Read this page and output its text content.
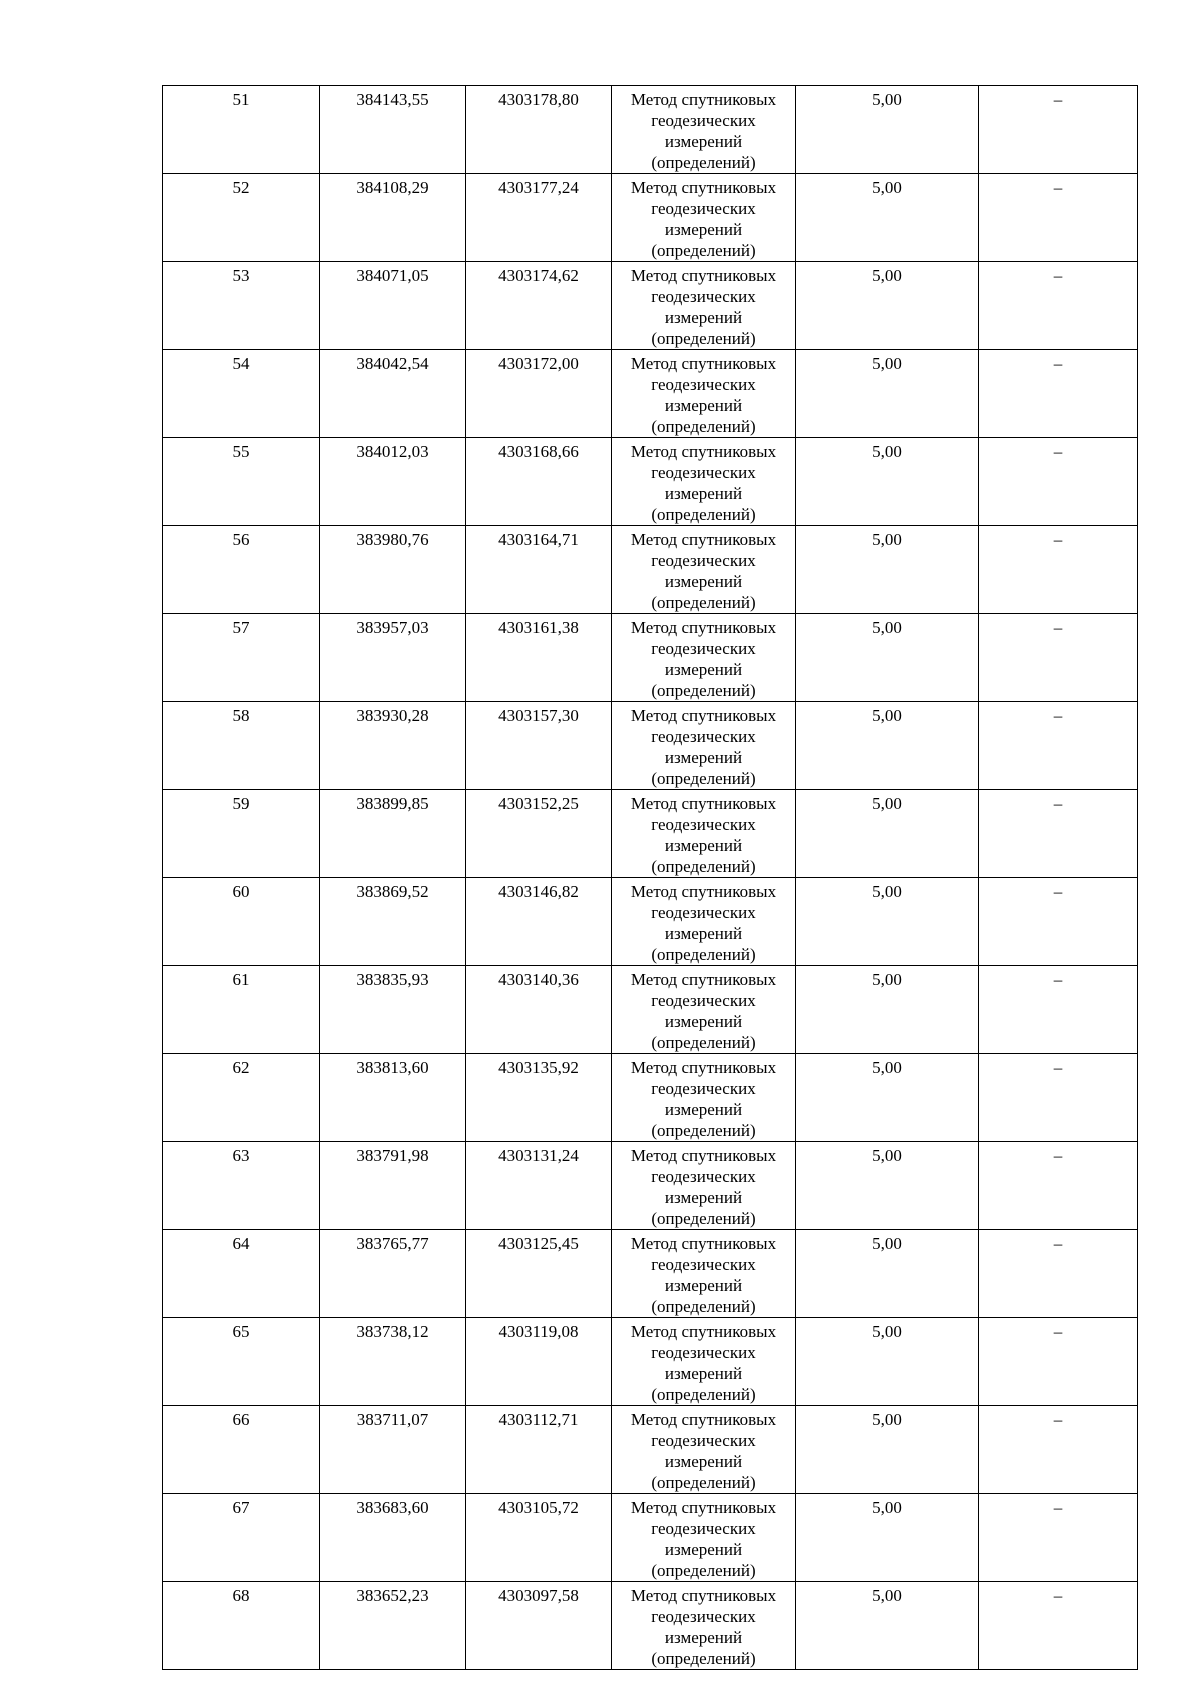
51	384143,55	4303178,80	Метод спутниковых геодезических измерений (определений)	5,00	–
52	384108,29	4303177,24	Метод спутниковых геодезических измерений (определений)	5,00	–
53	384071,05	4303174,62	Метод спутниковых геодезических измерений (определений)	5,00	–
54	384042,54	4303172,00	Метод спутниковых геодезических измерений (определений)	5,00	–
55	384012,03	4303168,66	Метод спутниковых геодезических измерений (определений)	5,00	–
56	383980,76	4303164,71	Метод спутниковых геодезических измерений (определений)	5,00	–
57	383957,03	4303161,38	Метод спутниковых геодезических измерений (определений)	5,00	–
58	383930,28	4303157,30	Метод спутниковых геодезических измерений (определений)	5,00	–
59	383899,85	4303152,25	Метод спутниковых геодезических измерений (определений)	5,00	–
60	383869,52	4303146,82	Метод спутниковых геодезических измерений (определений)	5,00	–
61	383835,93	4303140,36	Метод спутниковых геодезических измерений (определений)	5,00	–
62	383813,60	4303135,92	Метод спутниковых геодезических измерений (определений)	5,00	–
63	383791,98	4303131,24	Метод спутниковых геодезических измерений (определений)	5,00	–
64	383765,77	4303125,45	Метод спутниковых геодезических измерений (определений)	5,00	–
65	383738,12	4303119,08	Метод спутниковых геодезических измерений (определений)	5,00	–
66	383711,07	4303112,71	Метод спутниковых геодезических измерений (определений)	5,00	–
67	383683,60	4303105,72	Метод спутниковых геодезических измерений (определений)	5,00	–
68	383652,23	4303097,58	Метод спутниковых геодезических измерений (определений)	5,00	–
